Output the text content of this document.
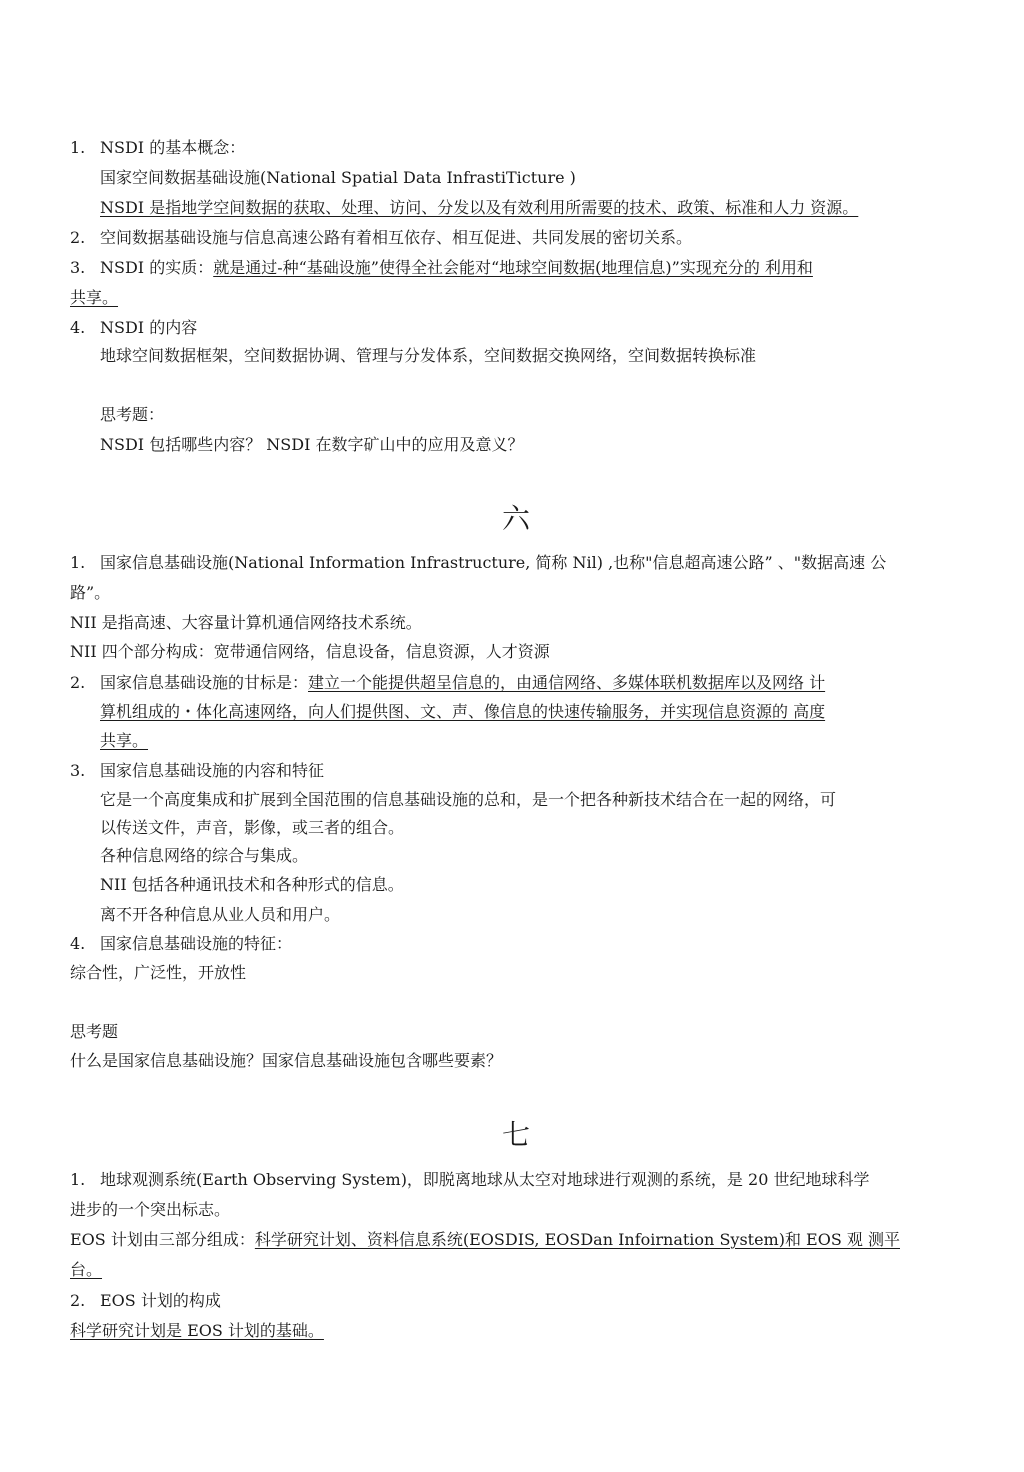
1. NSDI 的基本概念：
国家空间数据基础设施(National Spatial Data InfrastiTicture )
NSDI 是指地学空间数据的获取、处理、访问、分发以及有效利用所需要的技术、政策、标准和人力 资源。
2. 空间数据基础设施与信息高速公路有着相互依存、相互促进、共同发展的密切关系。
3. NSDI 的实质：就是通过-种“基础设施”使得全社会能对“地球空间数据(地理信息)”实现充分的 利用和
共享。
4. NSDI 的内容
地球空间数据框架，空间数据协调、管理与分发体系，空间数据交换网络，空间数据转换标准
思考题：
NSDI 包括哪些内容？ NSDI 在数字矿山中的应用及意义？
六
1. 国家信息基础设施(National Information Infrastructure, 简称 Nil) ,也称"信息超高速公路” 、"数据高速 公
路”。
NII 是指高速、大容量计算机通信网络技术系统。
NII 四个部分构成：宽带通信网络，信息设备，信息资源，人才资源
2. 国家信息基础设施的甘标是：建立一个能提供超呈信息的，由通信网络、多媒体联机数据库以及网络 计
算机组成的・体化高速网络，向人们提供图、文、声、像信息的快速传输服务，并实现信息资源的 高度
共享。
3. 国家信息基础设施的内容和特征
它是一个高度集成和扩展到全国范围的信息基础设施的总和，是一个把各种新技术结合在一起的网络，可
以传送文件，声音，影像，或三者的组合。
各种信息网络的综合与集成。
NII 包括各种通讯技术和各种形式的信息。
离不开各种信息从业人员和用户。
4. 国家信息基础设施的特征：
综合性，广泛性，开放性
思考题
什么是国家信息基础设施？国家信息基础设施包含哪些要素？
七
1. 地球观测系统(Earth Observing System)，即脱离地球从太空对地球进行观测的系统，是 20 世纪地球科学
进步的一个突出标志。
EOS 计划由三部分组成：科学研究计划、资料信息系统(EOSDIS, EOSDan Infoirnation System)和 EOS 观 测平
台。
2. EOS 计划的构成
科学研究计划是 EOS 计划的基础。
